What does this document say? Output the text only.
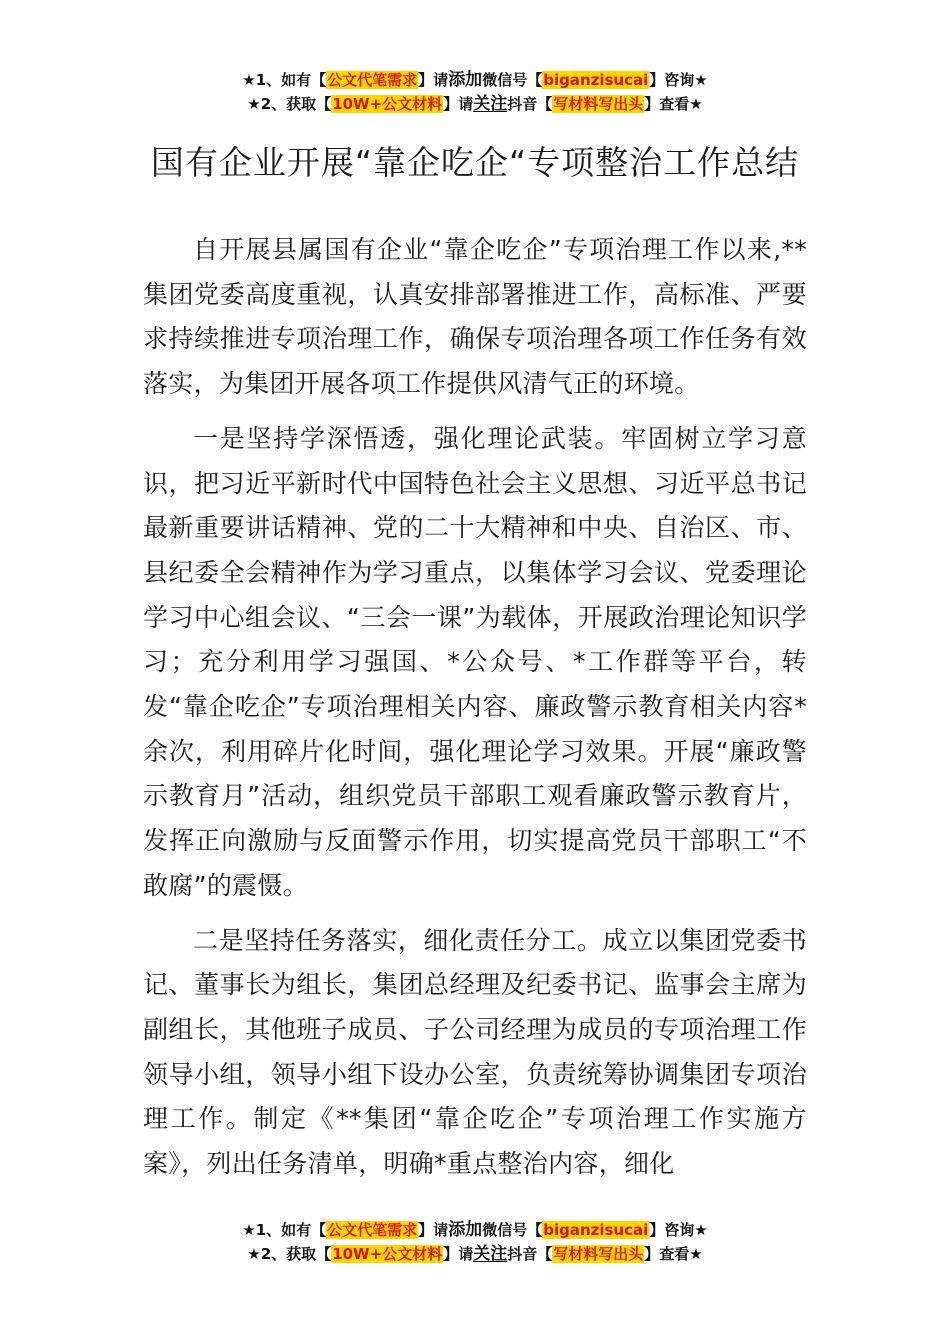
★1、如有【公文代笔需求】请添加微信号【biganzisucai】咨询★
★2、获取【10W+公文材料】请关注抖音【写材料写出头】查看★
国有企业开展“靠企吃企“专项整治工作总结

自开展县属国有企业“靠企吃企”专项治理工作以来,**集团党委高度重视，认真安排部署推进工作，高标准、严要求持续推进专项治理工作，确保专项治理各项工作任务有效落实，为集团开展各项工作提供风清气正的环境。

一是坚持学深悟透，强化理论武装。牢固树立学习意识，把习近平新时代中国特色社会主义思想、习近平总书记最新重要讲话精神、党的二十大精神和中央、自治区、市、县纪委全会精神作为学习重点，以集体学习会议、党委理论学习中心组会议、“三会一课”为载体，开展政治理论知识学习；充分利用学习强国、*公众号、*工作群等平台，转发“靠企吃企”专项治理相关内容、廉政警示教育相关内容*余次，利用碎片化时间，强化理论学习效果。开展“廉政警示教育月”活动，组织党员干部职工观看廉政警示教育片，发挥正向激励与反面警示作用，切实提高党员干部职工“不敢腐”的震慑。

二是坚持任务落实，细化责任分工。成立以集团党委书记、董事长为组长，集团总经理及纪委书记、监事会主席为副组长，其他班子成员、子公司经理为成员的专项治理工作领导小组，领导小组下设办公室，负责统筹协调集团专项治理工作。制定《**集团“靠企吃企”专项治理工作实施方案》，列出任务清单，明确*重点整治内容，细化

★1、如有【公文代笔需求】请添加微信号【biganzisucai】咨询★
★2、获取【10W+公文材料】请关注抖音【写材料写出头】查看★
